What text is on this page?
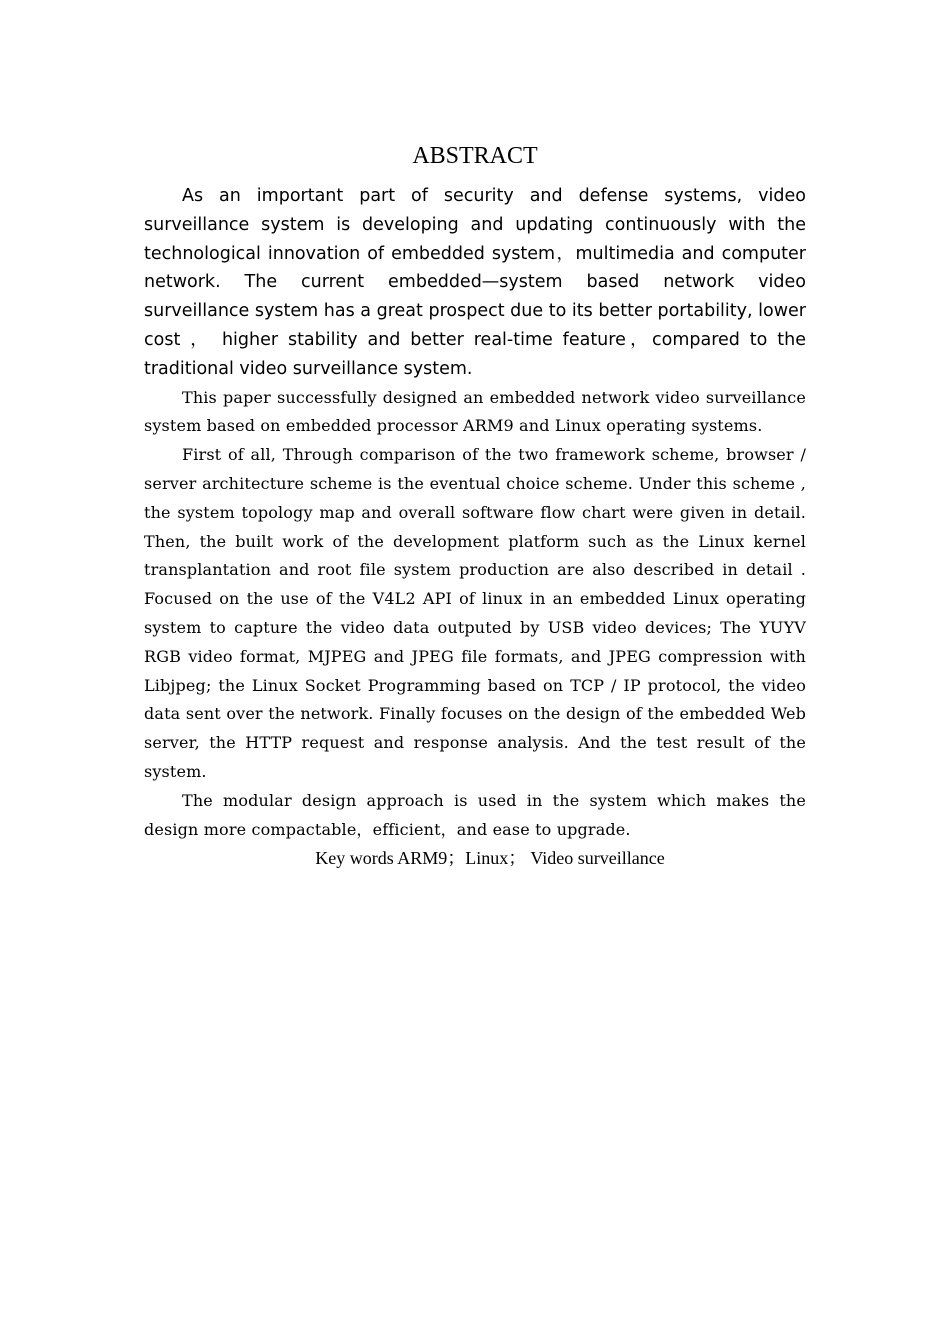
ABSTRACT

As an important part of security and defense systems, video surveillance system is developing and updating continuously with the technological innovation of embedded system，multimedia and computer network. The current embedded—system based network video surveillance system has a great prospect due to its better portability, lower cost ， higher stability and better real-time feature，compared to the traditional video surveillance system.

This paper successfully designed an embedded network video surveillance system based on embedded processor ARM9 and Linux operating systems.

First of all, Through comparison of the two framework scheme, browser / server architecture scheme is the eventual choice scheme. Under this scheme , the system topology map and overall software flow chart were given in detail. Then, the built work of the development platform such as the Linux kernel transplantation and root file system production are also described in detail . Focused on the use of the V4L2 API of linux in an embedded Linux operating system to capture the video data outputed by USB video devices; The YUYV RGB video format, MJPEG and JPEG file formats, and JPEG compression with Libjpeg; the Linux Socket Programming based on TCP / IP protocol, the video data sent over the network. Finally focuses on the design of the embedded Web server, the HTTP request and response analysis. And the test result of the system.

The modular design approach is used in the system which makes the design more compactable，efficient，and ease to upgrade.

Key words ARM9；Linux； Video surveillance
